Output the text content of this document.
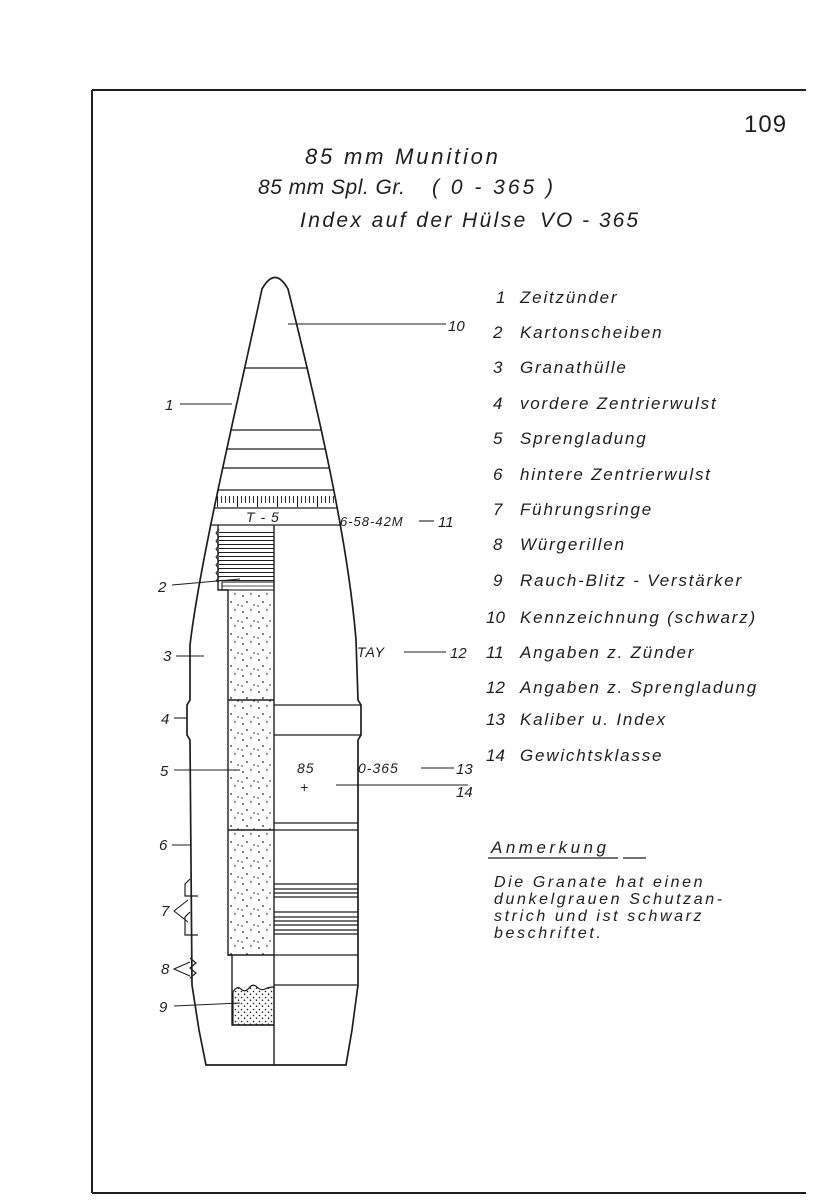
109
85 mm Munition
85 mm Spl. Gr. ( 0 - 365 )
Index auf der Hülse VO - 365
T - 5
TAY
85
+
0-365
6-58-42M
1
2
3
4
5
6
7
8
9
10
11
12
13
14
1 Zeitzünder
2 Kartonscheiben
3 Granathülle
4 vordere Zentrierwulst
5 Sprengladung
6 hintere Zentrierwulst
7 Führungsringe
8 Würgerillen
9 Rauch-Blitz - Verstärker
10 Kennzeichnung (schwarz)
11 Angaben z. Zünder
12 Angaben z. Sprengladung
13 Kaliber u. Index
14 Gewichtsklasse
Anmerkung
Die Granate hat einen
dunkelgrauen Schutzan-
strich und ist schwarz
beschriftet.
